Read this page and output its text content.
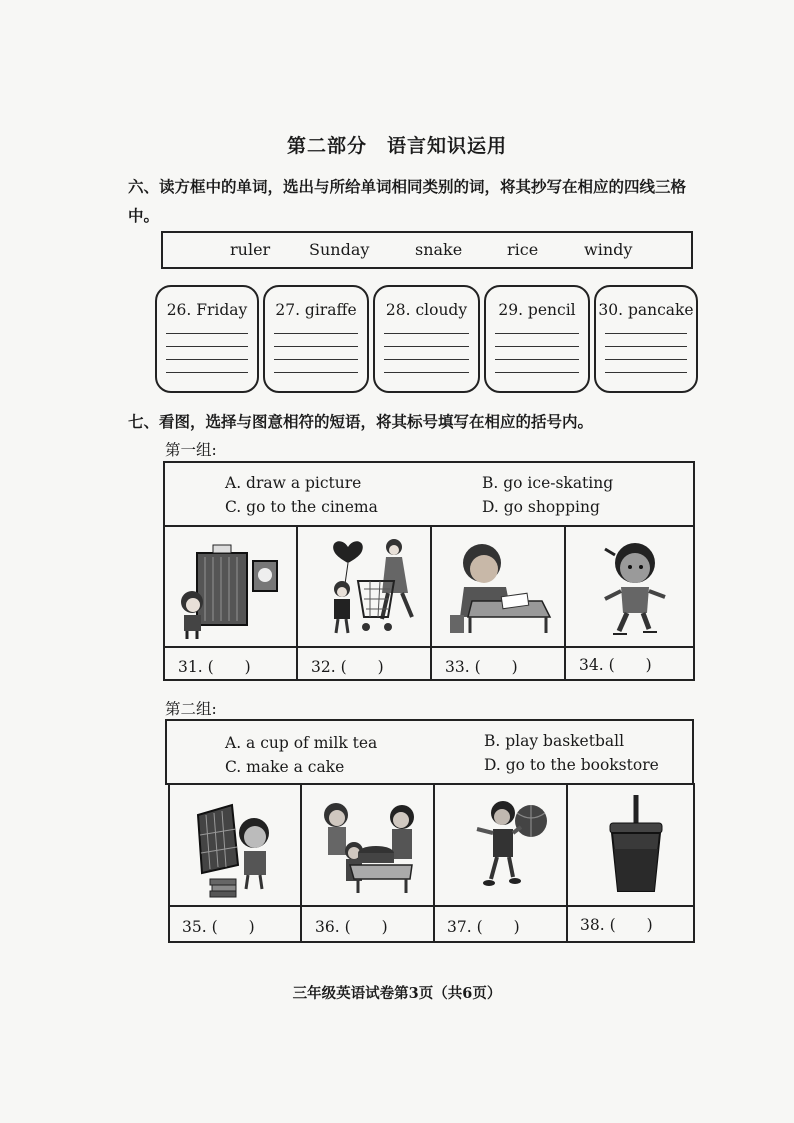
第二部分　语言知识运用
六、读方框中的单词，选出与所给单词相同类别的词，将其抄写在相应的四线三格中。
ruler Sunday	snake	rice	windy
26. Friday	27. giraffe	28. cloudy	29. pencil	30. pancake
七、看图，选择与图意相符的短语，将其标号填写在相应的括号内。
第一组:
A. draw a picture	B. go ice-skating
C. go to the cinema	D. go shopping
31. (　　)	32. (　　)	33. (　　)	34. (　　)
第二组:
A. a cup of milk tea	B. play basketball
C. make a cake	D. go to the bookstore
35. (　　)	36. (　　)	37. (　　)	38. (　　)
三年级英语试卷第3页（共6页）
